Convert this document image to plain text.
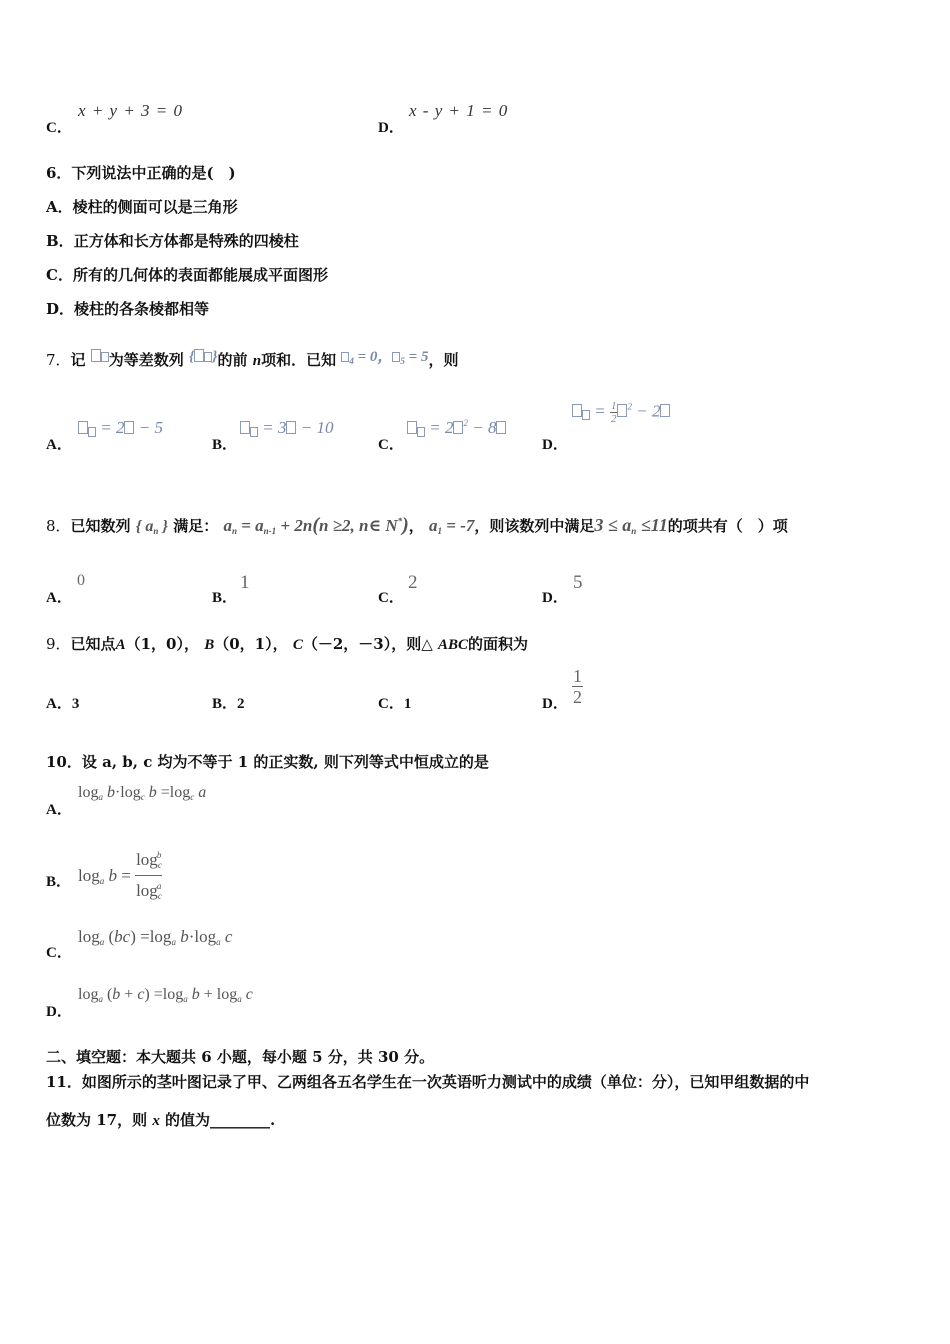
C．
x + y + 3 = 0
D．
x - y + 1 = 0
6．下列说法中正确的是(　)
A．棱柱的侧面可以是三角形
B．正方体和长方体都是特殊的四棱柱
C．所有的几何体的表面都能展成平面图形
D．棱柱的各条棱都相等
7．记 为等差数列 { }的前 n项和．已知 $_4$ = 0， $_5$ = 5，则
A．
= 2 − 5
B．
= 3 − 10
C．
= 2 $^2$ − 8
D．
= $\frac{1}{2} ^2 - 2$
8．已知数列 { $a_n$ } 满足： $a_n = a_{n-1} + 2n(n \ge 2$, n∈ N*)， $a_1 = -7$，则该数列中满足$3 \le a_n \le 11$的项共有（　）项
A．
0
B．
1
C．
2
D．
5
9．已知点A（1，0）， B（0，1）， C（－2，－3），则△ ABC的面积为
A．3	B．2	C．1	D． $\frac{1}{2}$
10．设 a, b, c 均为不等于 1 的正实数, 则下列等式中恒成立的是
A．
$\log_a b\cdot\log_c$ $b =\log_c$ a
B． $\log_a b = \frac{\log_c^b}{\log_c^a}$
C．
$\log_a (bc) =\log_a$ $b\cdot\log_a$ c
D．
$\log_a (b + c) =\log_a$ $b + \log_a c$
二、填空题：本大题共 6 小题，每小题 5 分，共 30 分。
11．如图所示的茎叶图记录了甲、乙两组各五名学生在一次英语听力测试中的成绩（单位：分），已知甲组数据的中
位数为 17，则 x 的值为________.
